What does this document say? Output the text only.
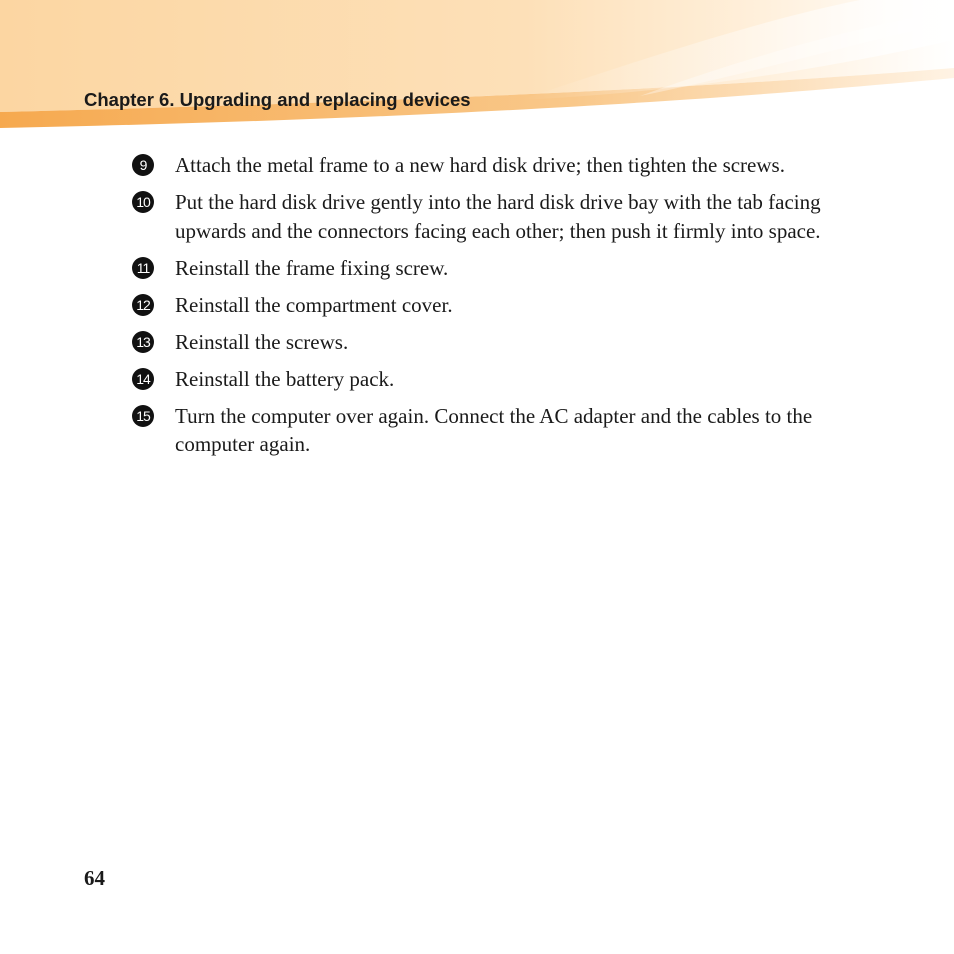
Chapter 6. Upgrading and replacing devices
9	Attach the metal frame to a new hard disk drive; then tighten the screws.
10 Put the hard disk drive gently into the hard disk drive bay with the tab facing upwards and the connectors facing each other; then push it firmly into space.
11 Reinstall the frame fixing screw.
12 Reinstall the compartment cover.
13 Reinstall the screws.
14 Reinstall the battery pack.
15 Turn the computer over again. Connect the AC adapter and the cables to the computer again.
64
